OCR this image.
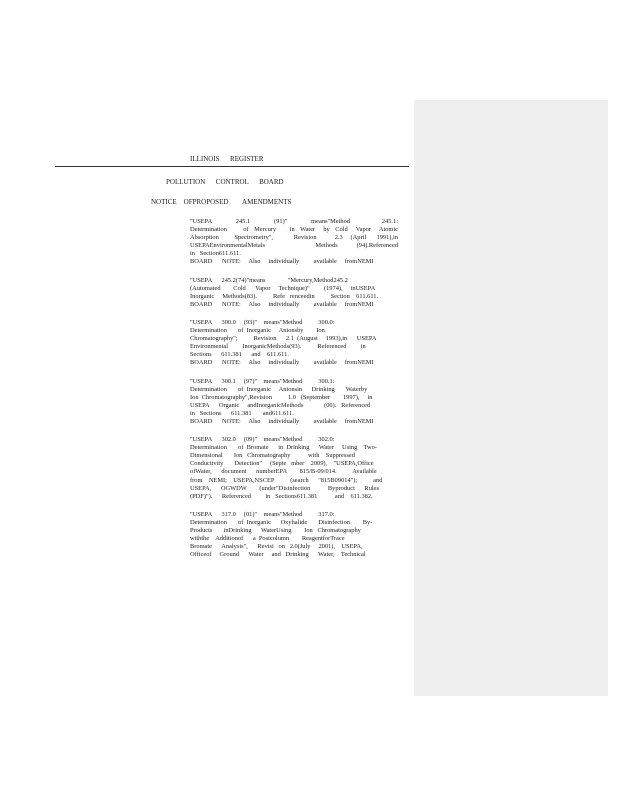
ILLINOIS      REGISTER
POLLUTION      CONTROL      BOARD
NOTICE    OFPROPOSED        AMENDMENTS
"USEPA      245.1      (91)"      means"Method        245.1:
Determination      of  Mercury     in  Water   by  Cold   Vapor   Atomic
Absorption      Spectrometry",        Revision       2.3   (April    1991),in
USEPAEnvironmentalMetals                Methods      (94).Referenced
in   Section611.611.
BOARD      NOTE:     Also     individually         available     fromNEMI
"USEPA      245.2(74)"means              "Mercury,Method245.2
(Automated        Cold      Vapor     Technique)"         (1974),     inUSEPA
Inorganic     Methods(83).          Refe   renceedin          Section    611.611.
BOARD      NOTE:     Also     individually         available     fromNEMI
"USEPA      300.0     (93)"    means"Method          300.0:
Determination       of  Inorganic     Anionsby        Ion
Chromatography";          Revision      2.1  (August     1993),in      USEPA
Environmental         InorganicMethods(93).          Referenced         in
Sections      611.381      and    611.611.
BOARD      NOTE:     Also     individually         available     fromNEMI
"USEPA      300.1     (97)"    means"Method          300.1:
Determination       of  Inorganic     Anionsin      Drinking       Waterby
Ion  Chromatography",Revision          1.0   (September        1997),     in
USEPA      Organic     andInorganicMethods             (00).   Referenced
in   Sections      611.381       and611.611.
BOARD      NOTE:     Also     individually         available     fromNEMI
"USEPA      302.0     (09)"    means"Method          302.0:
Determination       of  Bromate      in  Drinking      Water     Using    Two-
Dimensional       Ion   Chromatography           with    Suppressed
Conductivity       Detection"     (Septe   mber    2009),    "USEPA,Office
ofWater,      document      numberEPA        815/B-09/014.          Available
from    NEMI;    USEPA,NSCEP          (search      "815B09014");          and
USEPA,      OGWDW        (under"Disinfection           Byproduct      Rules
(PDF)").      Referenced         in   Sections611.381           and    611.382.
"USEPA      317.0     (01)"    means"Method          317.0:
Determination       of  Inorganic      Oxyhalide       Disinfection        By-
Products       inDrinking      WaterUsing        Ion   Chromatography
withthe    Additionof      a  Postcolumn        ReagentforTrace
Bromate      Analysis",      Revisi   on   2.0(July     2001),    USEPA,
Officeof     Ground      Water     and   Drinking      Water,    Technical
